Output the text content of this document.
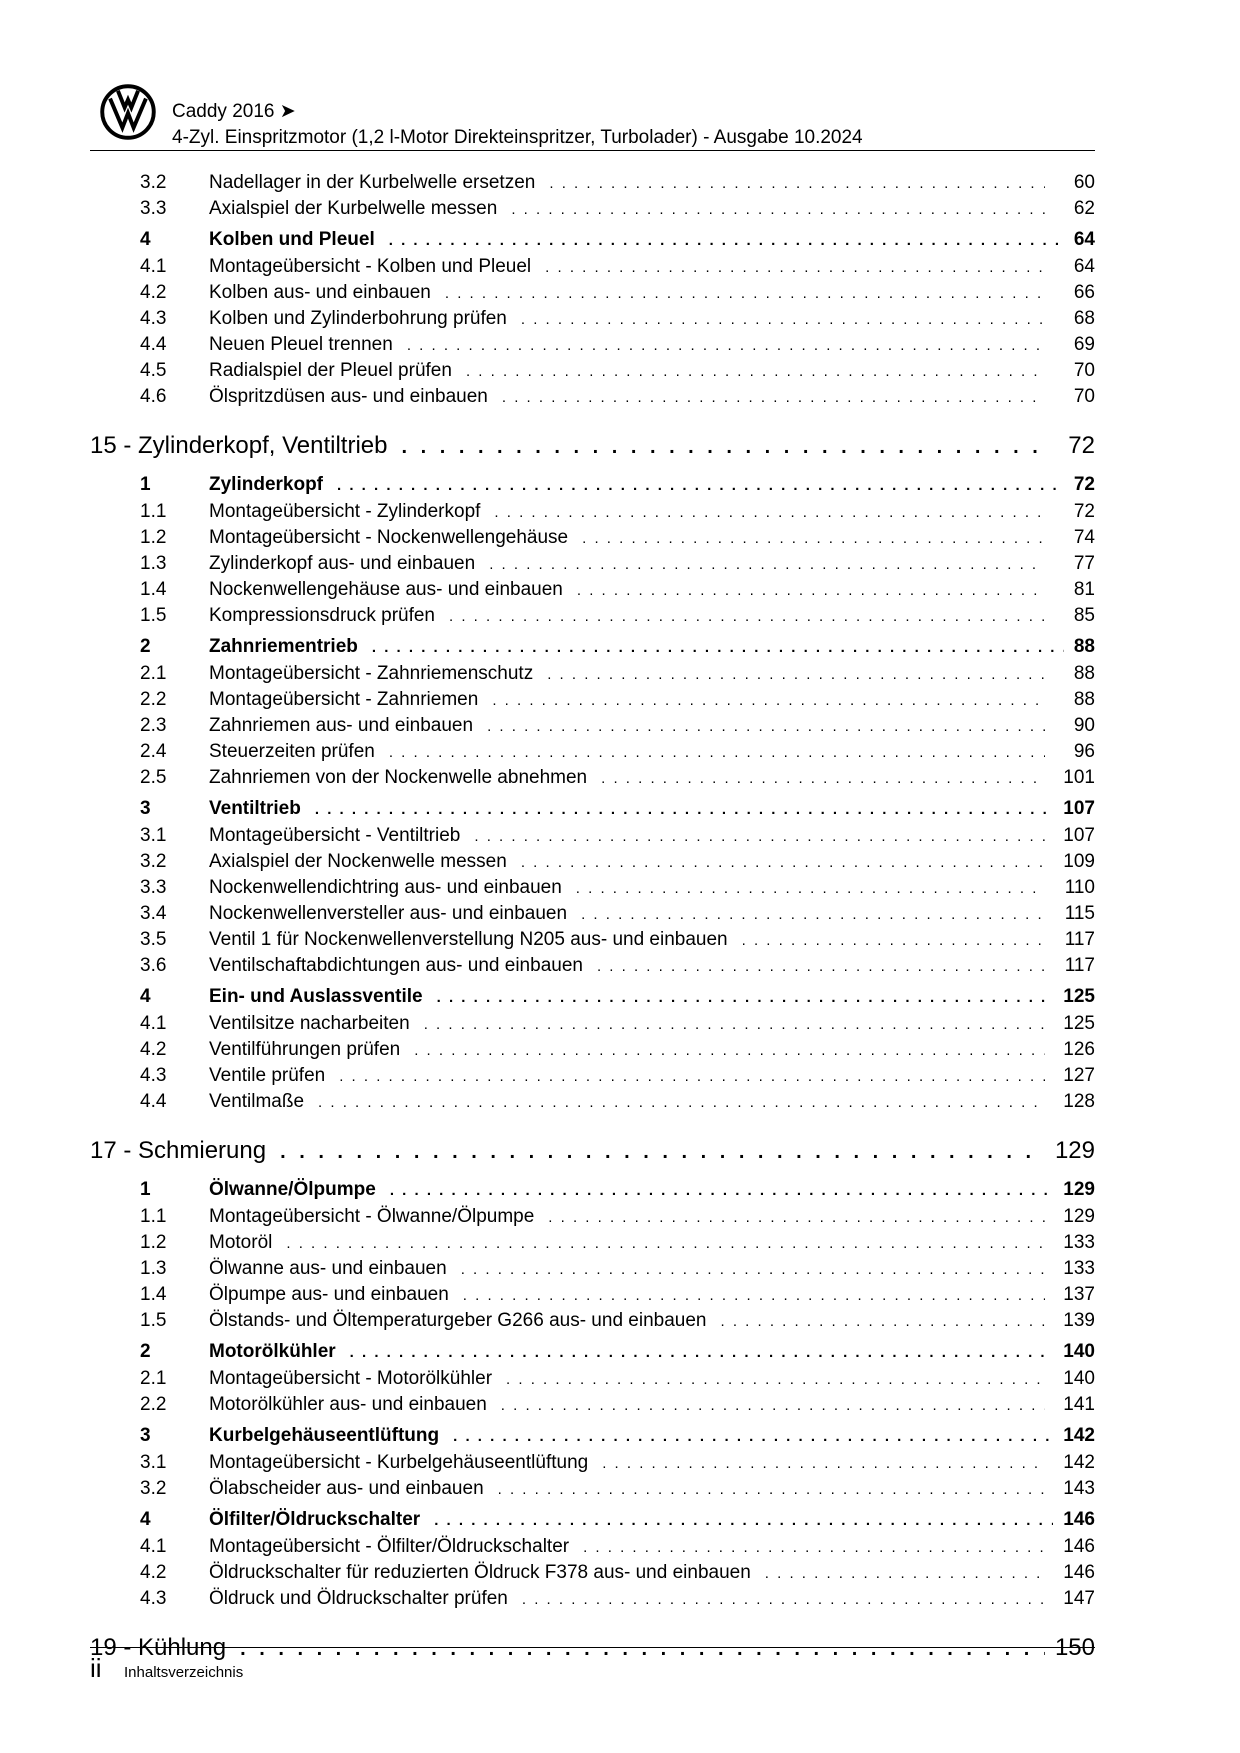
Caddy 2016 ➤
4-Zyl. Einspritzmotor (1,2 l-Motor Direkteinspritzer, Turbolader) - Ausgabe 10.2024
3.2	Nadellager in der Kurbelwelle ersetzen . . .	60
3.3	Axialspiel der Kurbelwelle messen . . .	62
4	Kolben und Pleuel . . .	64
4.1	Montageübersicht - Kolben und Pleuel . . .	64
4.2	Kolben aus- und einbauen . . .	66
4.3	Kolben und Zylinderbohrung prüfen . . .	68
4.4	Neuen Pleuel trennen . . .	69
4.5	Radialspiel der Pleuel prüfen . . .	70
4.6	Ölspritzdüsen aus- und einbauen . . .	70
15 - Zylinderkopf, Ventiltrieb . . .	72
1	Zylinderkopf . . .	72
1.1	Montageübersicht - Zylinderkopf . . .	72
1.2	Montageübersicht - Nockenwellengehäuse . . .	74
1.3	Zylinderkopf aus- und einbauen . . .	77
1.4	Nockenwellengehäuse aus- und einbauen . . .	81
1.5	Kompressionsdruck prüfen . . .	85
2	Zahnriementrieb . . .	88
2.1	Montageübersicht - Zahnriemenschutz . . .	88
2.2	Montageübersicht - Zahnriemen . . .	88
2.3	Zahnriemen aus- und einbauen . . .	90
2.4	Steuerzeiten prüfen . . .	96
2.5	Zahnriemen von der Nockenwelle abnehmen . . .	101
3	Ventiltrieb . . .	107
3.1	Montageübersicht - Ventiltrieb . . .	107
3.2	Axialspiel der Nockenwelle messen . . .	109
3.3	Nockenwellendichtring aus- und einbauen . . .	110
3.4	Nockenwellenversteller aus- und einbauen . . .	115
3.5	Ventil 1 für Nockenwellenverstellung N205 aus- und einbauen . . .	117
3.6	Ventilschaftabdichtungen aus- und einbauen . . .	117
4	Ein- und Auslassventile . . .	125
4.1	Ventilsitze nacharbeiten . . .	125
4.2	Ventilführungen prüfen . . .	126
4.3	Ventile prüfen . . .	127
4.4	Ventilmaße . . .	128
17 - Schmierung . . .	129
1	Ölwanne/Ölpumpe . . .	129
1.1	Montageübersicht - Ölwanne/Ölpumpe . . .	129
1.2	Motoröl . . .	133
1.3	Ölwanne aus- und einbauen . . .	133
1.4	Ölpumpe aus- und einbauen . . .	137
1.5	Ölstands- und Öltemperaturgeber G266 aus- und einbauen . . .	139
2	Motorölkühler . . .	140
2.1	Montageübersicht - Motorölkühler . . .	140
2.2	Motorölkühler aus- und einbauen . . .	141
3	Kurbelgehäuseentlüftung . . .	142
3.1	Montageübersicht - Kurbelgehäuseentlüftung . . .	142
3.2	Ölabscheider aus- und einbauen . . .	143
4	Ölfilter/Öldruckschalter . . .	146
4.1	Montageübersicht - Ölfilter/Öldruckschalter . . .	146
4.2	Öldruckschalter für reduzierten Öldruck F378 aus- und einbauen . . .	146
4.3	Öldruck und Öldruckschalter prüfen . . .	147
19 - Kühlung . . .	150
ii Inhaltsverzeichnis
